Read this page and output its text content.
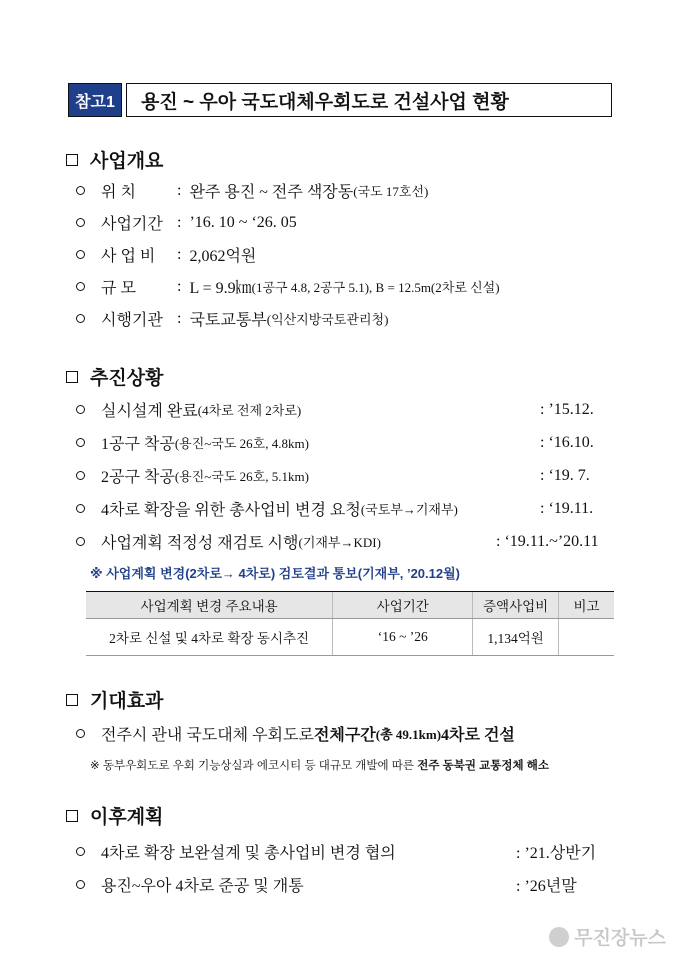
참고1	용진 ~ 우아 국도대체우회도로 건설사업 현황
사업개요
위 치	: 완주 용진 ~ 전주 색장동 (국도 17호선)
사업기간 : ’16. 10 ~ ‘26. 05
사 업 비	: 2,062억원
규 모	: L = 9.9㎞ (1공구 4.8, 2공구 5.1), B = 12.5m(2차로 신설)
시행기관 : 국토교통부 (익산지방국토관리청)
추진상황
실시설계 완료 (4차로 전제 2차로)	: ’15.12.
1공구 착공 (용진~국도 26호, 4.8km)	: ‘16.10.
2공구 착공 (용진~국도 26호, 5.1km)	: ‘19. 7.
4차로 확장을 위한 총사업비 변경 요청 (국토부→기재부)	: ‘19.11.
사업계획 적정성 재검토 시행 (기재부→KDI)	: ‘19.11.~’20.11
※ 사업계획 변경(2차로→ 4차로) 검토결과 통보(기재부, ’20.12월)
사업계획 변경 주요내용	사업기간	증액사업비	비고
2차로 신설 및 4차로 확장 동시추진	‘16 ~ ’26	1,134억원	
기대효과
전주시 관내 국도대체 우회도로 전체구간 (총 49.1km) 4차로 건설
※ 동부우회도로 우회 기능상실과 에코시티 등 대규모 개발에 따른 전주 동북권 교통정체 해소
이후계획
4차로 확장 보완설계 및 총사업비 변경 협의	: ’21.상반기
용진~우아 4차로 준공 및 개통	: ’26년말
무진장뉴스
